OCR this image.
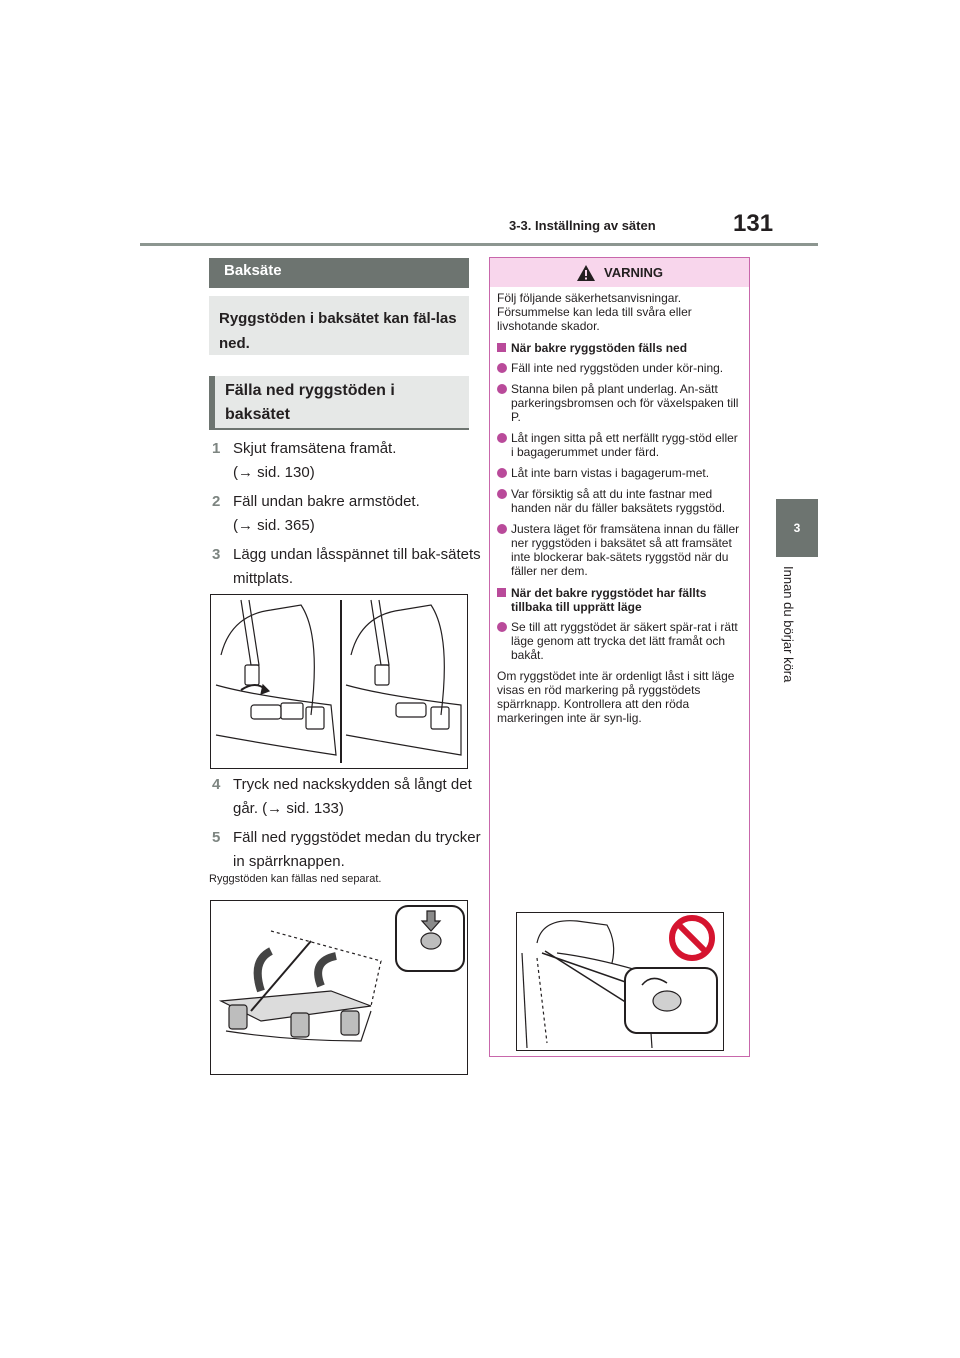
3-3. Inställning av säten	131
3
Innan du börjar köra
Baksäte
Ryggstöden i baksätet kan fäl-las ned.
Fälla ned ryggstöden i baksätet
1 Skjut framsätena framåt.
(→ sid. 130)
2 Fäll undan bakre armstödet.
(→ sid. 365)
3 Lägg undan låsspännet till bak-sätets mittplats.
4 Tryck ned nackskydden så långt det går. (→ sid. 133)
5 Fäll ned ryggstödet medan du trycker in spärrknappen.
Ryggstöden kan fällas ned separat.
VARNING

Följ följande säkerhetsanvisningar. Försummelse kan leda till svåra eller livshotande skador.

När bakre ryggstöden fälls ned
Fäll inte ned ryggstöden under kör-ning.
Stanna bilen på plant underlag. An-sätt parkeringsbromsen och för växelspaken till P.
Låt ingen sitta på ett nerfällt rygg-stöd eller i bagagerummet under färd.
Låt inte barn vistas i bagagerum-met.
Var försiktig så att du inte fastnar med handen när du fäller baksätets ryggstöd.
Justera läget för framsätena innan du fäller ner ryggstöden i baksätet så att framsätet inte blockerar bak-sätets ryggstöd när du fäller ner dem.
När det bakre ryggstödet har fällts tillbaka till upprätt läge
Se till att ryggstödet är säkert spär-rat i rätt läge genom att trycka det lätt framåt och bakåt.

Om ryggstödet inte är ordenligt låst i sitt läge visas en röd markering på ryggstödets spärrknapp. Kontrollera att den röda markeringen inte är syn-lig.
